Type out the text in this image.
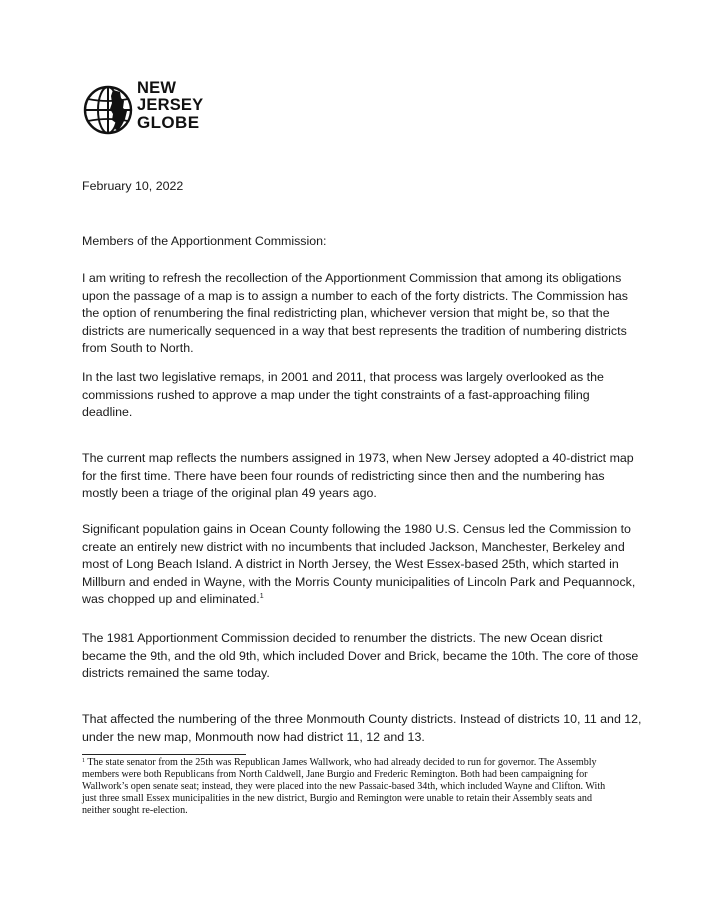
NEW
JERSEY
GLOBE

February 10, 2022

Members of the Apportionment Commission:

I am writing to refresh the recollection of the Apportionment Commission that among its obligations upon the passage of a map is to assign a number to each of the forty districts. The Commission has the option of renumbering the final redistricting plan, whichever version that might be, so that the districts are numerically sequenced in a way that best represents the tradition of numbering districts from South to North.

In the last two legislative remaps, in 2001 and 2011, that process was largely overlooked as the commissions rushed to approve a map under the tight constraints of a fast-approaching filing deadline.

The current map reflects the numbers assigned in 1973, when New Jersey adopted a 40-district map for the first time. There have been four rounds of redistricting since then and the numbering has mostly been a triage of the original plan 49 years ago.

Significant population gains in Ocean County following the 1980 U.S. Census led the Commission to create an entirely new district with no incumbents that included Jackson, Manchester, Berkeley and most of Long Beach Island. A district in North Jersey, the West Essex-based 25th, which started in Millburn and ended in Wayne, with the Morris County municipalities of Lincoln Park and Pequannock, was chopped up and eliminated.$^1$

The 1981 Apportionment Commission decided to renumber the districts. The new Ocean disrict became the 9th, and the old 9th, which included Dover and Brick, became the 10th. The core of those districts remained the same today.

That affected the numbering of the three Monmouth County districts. Instead of districts 10, 11 and 12, under the new map, Monmouth now had district 11, 12 and 13.

$^1$ The state senator from the 25th was Republican James Wallwork, who had already decided to run for governor. The Assembly members were both Republicans from North Caldwell, Jane Burgio and Frederic Remington. Both had been campaigning for Wallwork’s open senate seat; instead, they were placed into the new Passaic-based 34th, which included Wayne and Clifton. With just three small Essex municipalities in the new district, Burgio and Remington were unable to retain their Assembly seats and neither sought re-election.
